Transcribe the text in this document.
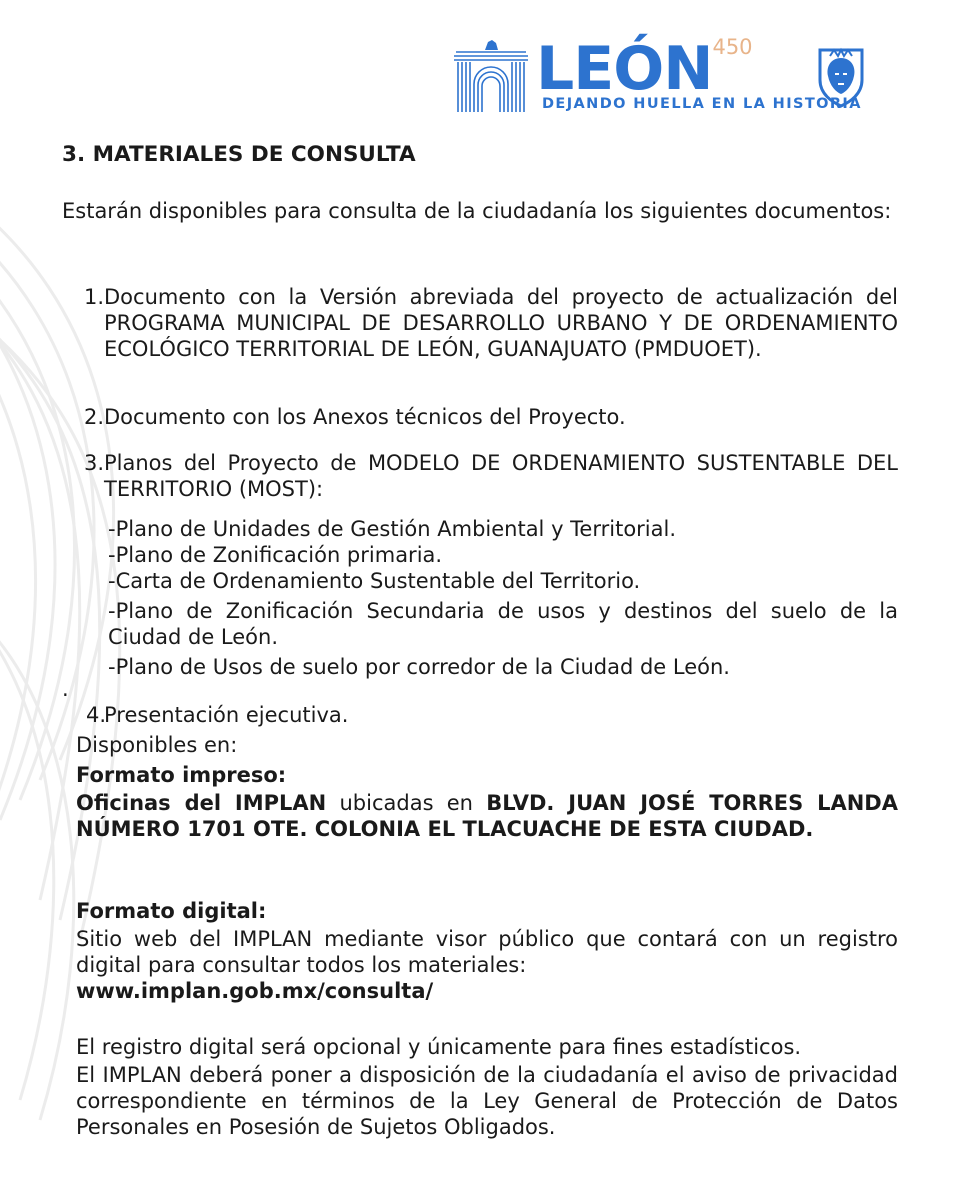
LEÓN 450
DEJANDO HUELLA EN LA HISTORIA
3. MATERIALES DE CONSULTA
Estarán disponibles para consulta de la ciudadanía los siguientes documentos:
1. Documento con la Versión abreviada del proyecto de actualización del PROGRAMA MUNICIPAL DE DESARROLLO URBANO Y DE ORDENAMIENTO ECOLÓGICO TERRITORIAL DE LEÓN, GUANAJUATO (PMDUOET).
2. Documento con los Anexos técnicos del Proyecto.
3. Planos del Proyecto de MODELO DE ORDENAMIENTO SUSTENTABLE DEL TERRITORIO (MOST):
-Plano de Unidades de Gestión Ambiental y Territorial.
-Plano de Zonificación primaria.
-Carta de Ordenamiento Sustentable del Territorio.
-Plano de Zonificación Secundaria de usos y destinos del suelo de la Ciudad de León.
-Plano de Usos de suelo por corredor de la Ciudad de León.
.
4.
Presentación ejecutiva.
Disponibles en:
Formato impreso:
Oficinas del IMPLAN ubicadas en BLVD. JUAN JOSÉ TORRES LANDA NÚMERO 1701 OTE. COLONIA EL TLACUACHE DE ESTA CIUDAD.
Formato digital:
Sitio web del IMPLAN mediante visor público que contará con un registro digital para consultar todos los materiales:
www.implan.gob.mx/consulta/
El registro digital será opcional y únicamente para fines estadísticos.
El IMPLAN deberá poner a disposición de la ciudadanía el aviso de privacidad correspondiente en términos de la Ley General de Protección de Datos Personales en Posesión de Sujetos Obligados.
